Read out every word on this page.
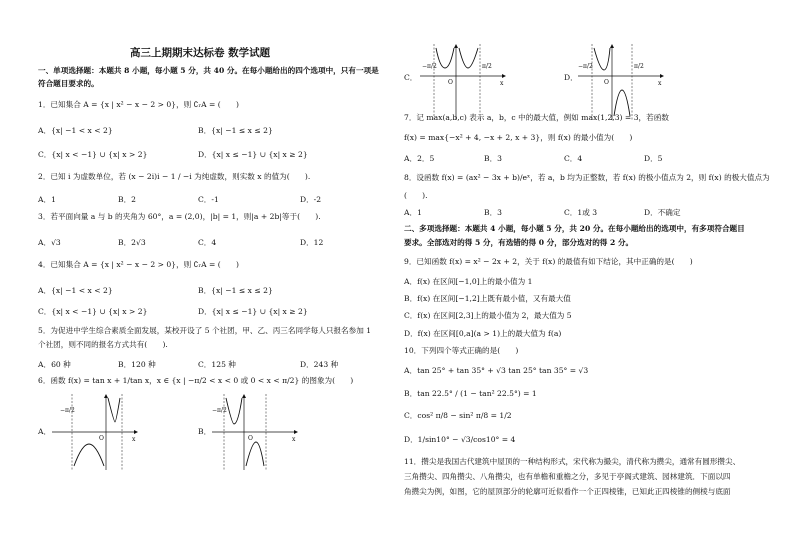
高三上期期末达标卷 数学试题
一、单项选择题：本题共 8 小题，每小题 5 分，共 40 分。在每小题给出的四个选项中，只有一项是
符合题目要求的。
1．已知集合 A = {x | x² − x − 2 > 0}，则 ∁ᵣA = (　　)
A．{x| −1 < x < 2}	B．{x| −1 ≤ x ≤ 2}
C．{x| x < −1} ∪ {x| x > 2}	D．{x| x ≤ −1} ∪ {x| x ≥ 2}
2．已知 i 为虚数单位，若 (x − 2i)i − 1 / −i 为纯虚数，则实数 x 的值为(　　).
A．1	B．2	C．-1	D．-2
3．若平面向量 a 与 b 的夹角为 60°，a = (2,0)，|b| = 1，则|a + 2b|等于(　　).
A．√3	B．2√3	C．4	D．12
4．已知集合 A = {x | x² − x − 2 > 0}，则 ∁ᵣA = (　　)
A．{x| −1 < x < 2}	B．{x| −1 ≤ x ≤ 2}
C．{x| x < −1} ∪ {x| x > 2}	D．{x| x ≤ −1} ∪ {x| x ≥ 2}
5．为促进中学生综合素质全面发展，某校开设了 5 个社团，甲、乙、丙三名同学每人只报名参加 1
个社团，则不同的报名方式共有(　　).
A．60 种	B．120 种	C．125 种	D．243 种
6．函数 f(x) = tan x + 1/tan x，x ∈ {x | −π/2 < x < 0 或 0 < x < π/2} 的图象为(　　)
A．	B．
−π/2
O	x
−π/2
O	x
C．	D．
7．记 max(a,b,c) 表示 a，b，c 中的最大值，例如 max(1,2,3) = 3，若函数
f(x) = max{−x² + 4, −x + 2, x + 3}，则 f(x) 的最小值为(　　)
A．2．5	B．3	C．4	D．5
8．设函数 f(x) = (ax² − 3x + b)/eˣ，若 a，b 均为正整数，若 f(x) 的极小值点为 2，则 f(x) 的极大值点为
(　　).
A．1	B．3	C．1或 3	D．不确定
二、多项选择题：本题共 4 小题，每小题 5 分，共 20 分。在每小题给出的选项中，有多项符合题目
要求。全部选对的得 5 分，有选错的得 0 分，部分选对的得 2 分。
9．已知函数 f(x) = x² − 2x + 2，关于 f(x) 的最值有如下结论，其中正确的是(　　)
A．f(x) 在区间[−1,0]上的最小值为 1
B．f(x) 在区间[−1,2]上既有最小值，又有最大值
C．f(x) 在区间[2,3]上的最小值为 2，最大值为 5
D．f(x) 在区间[0,a](a > 1)上的最大值为 f(a)
10．下列四个等式正确的是(　　)
A．tan 25° + tan 35° + √3 tan 25° tan 35° = √3
B．tan 22.5° / (1 − tan² 22.5°) = 1
C．cos² π/8 − sin² π/8 = 1/2
D．1/sin10° − √3/cos10° = 4
11．攒尖是我国古代建筑中屋顶的一种结构形式，宋代称为撮尖，清代称为攒尖，通常有圆形攒尖、
三角攒尖、四角攒尖、八角攒尖，也有单檐和重檐之分，多见于亭阁式建筑、园林建筑．下面以四
角攒尖为例，如图，它的屋顶部分的轮廓可近似看作一个正四棱锥，已知此正四棱锥的侧棱与底面
−π/2
O
π/2
x
−π/2
O
π/2
x
